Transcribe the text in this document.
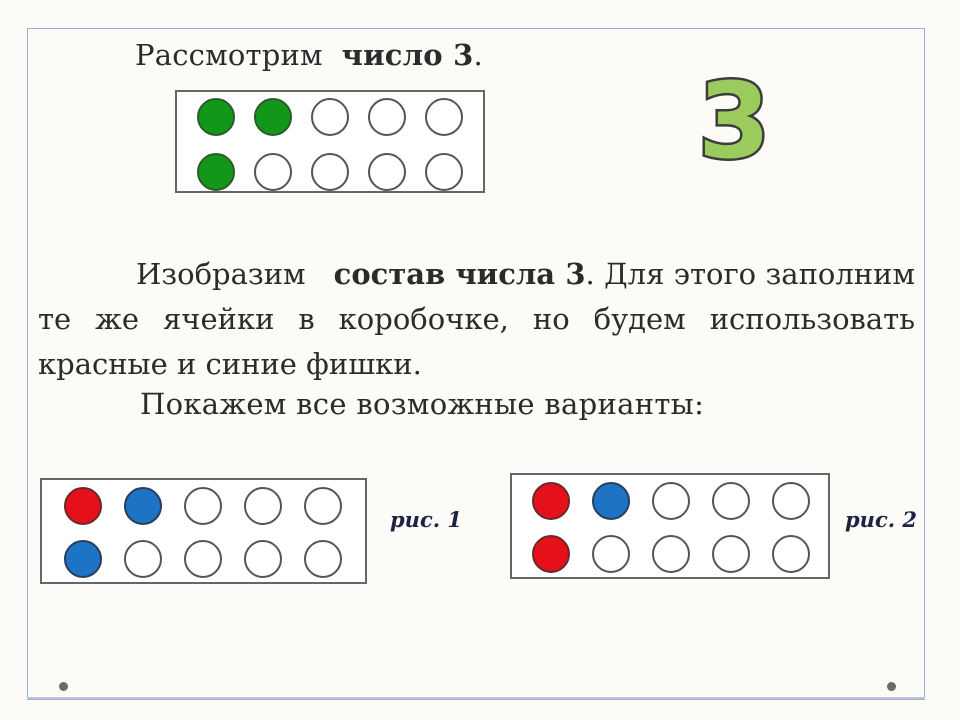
Рассмотрим число 3.
3
Изобразим состав числа 3. Для этого заполним те же ячейки в коробочке, но будем использовать красные и синие фишки.
Покажем все возможные варианты:
рис. 1	рис. 2
